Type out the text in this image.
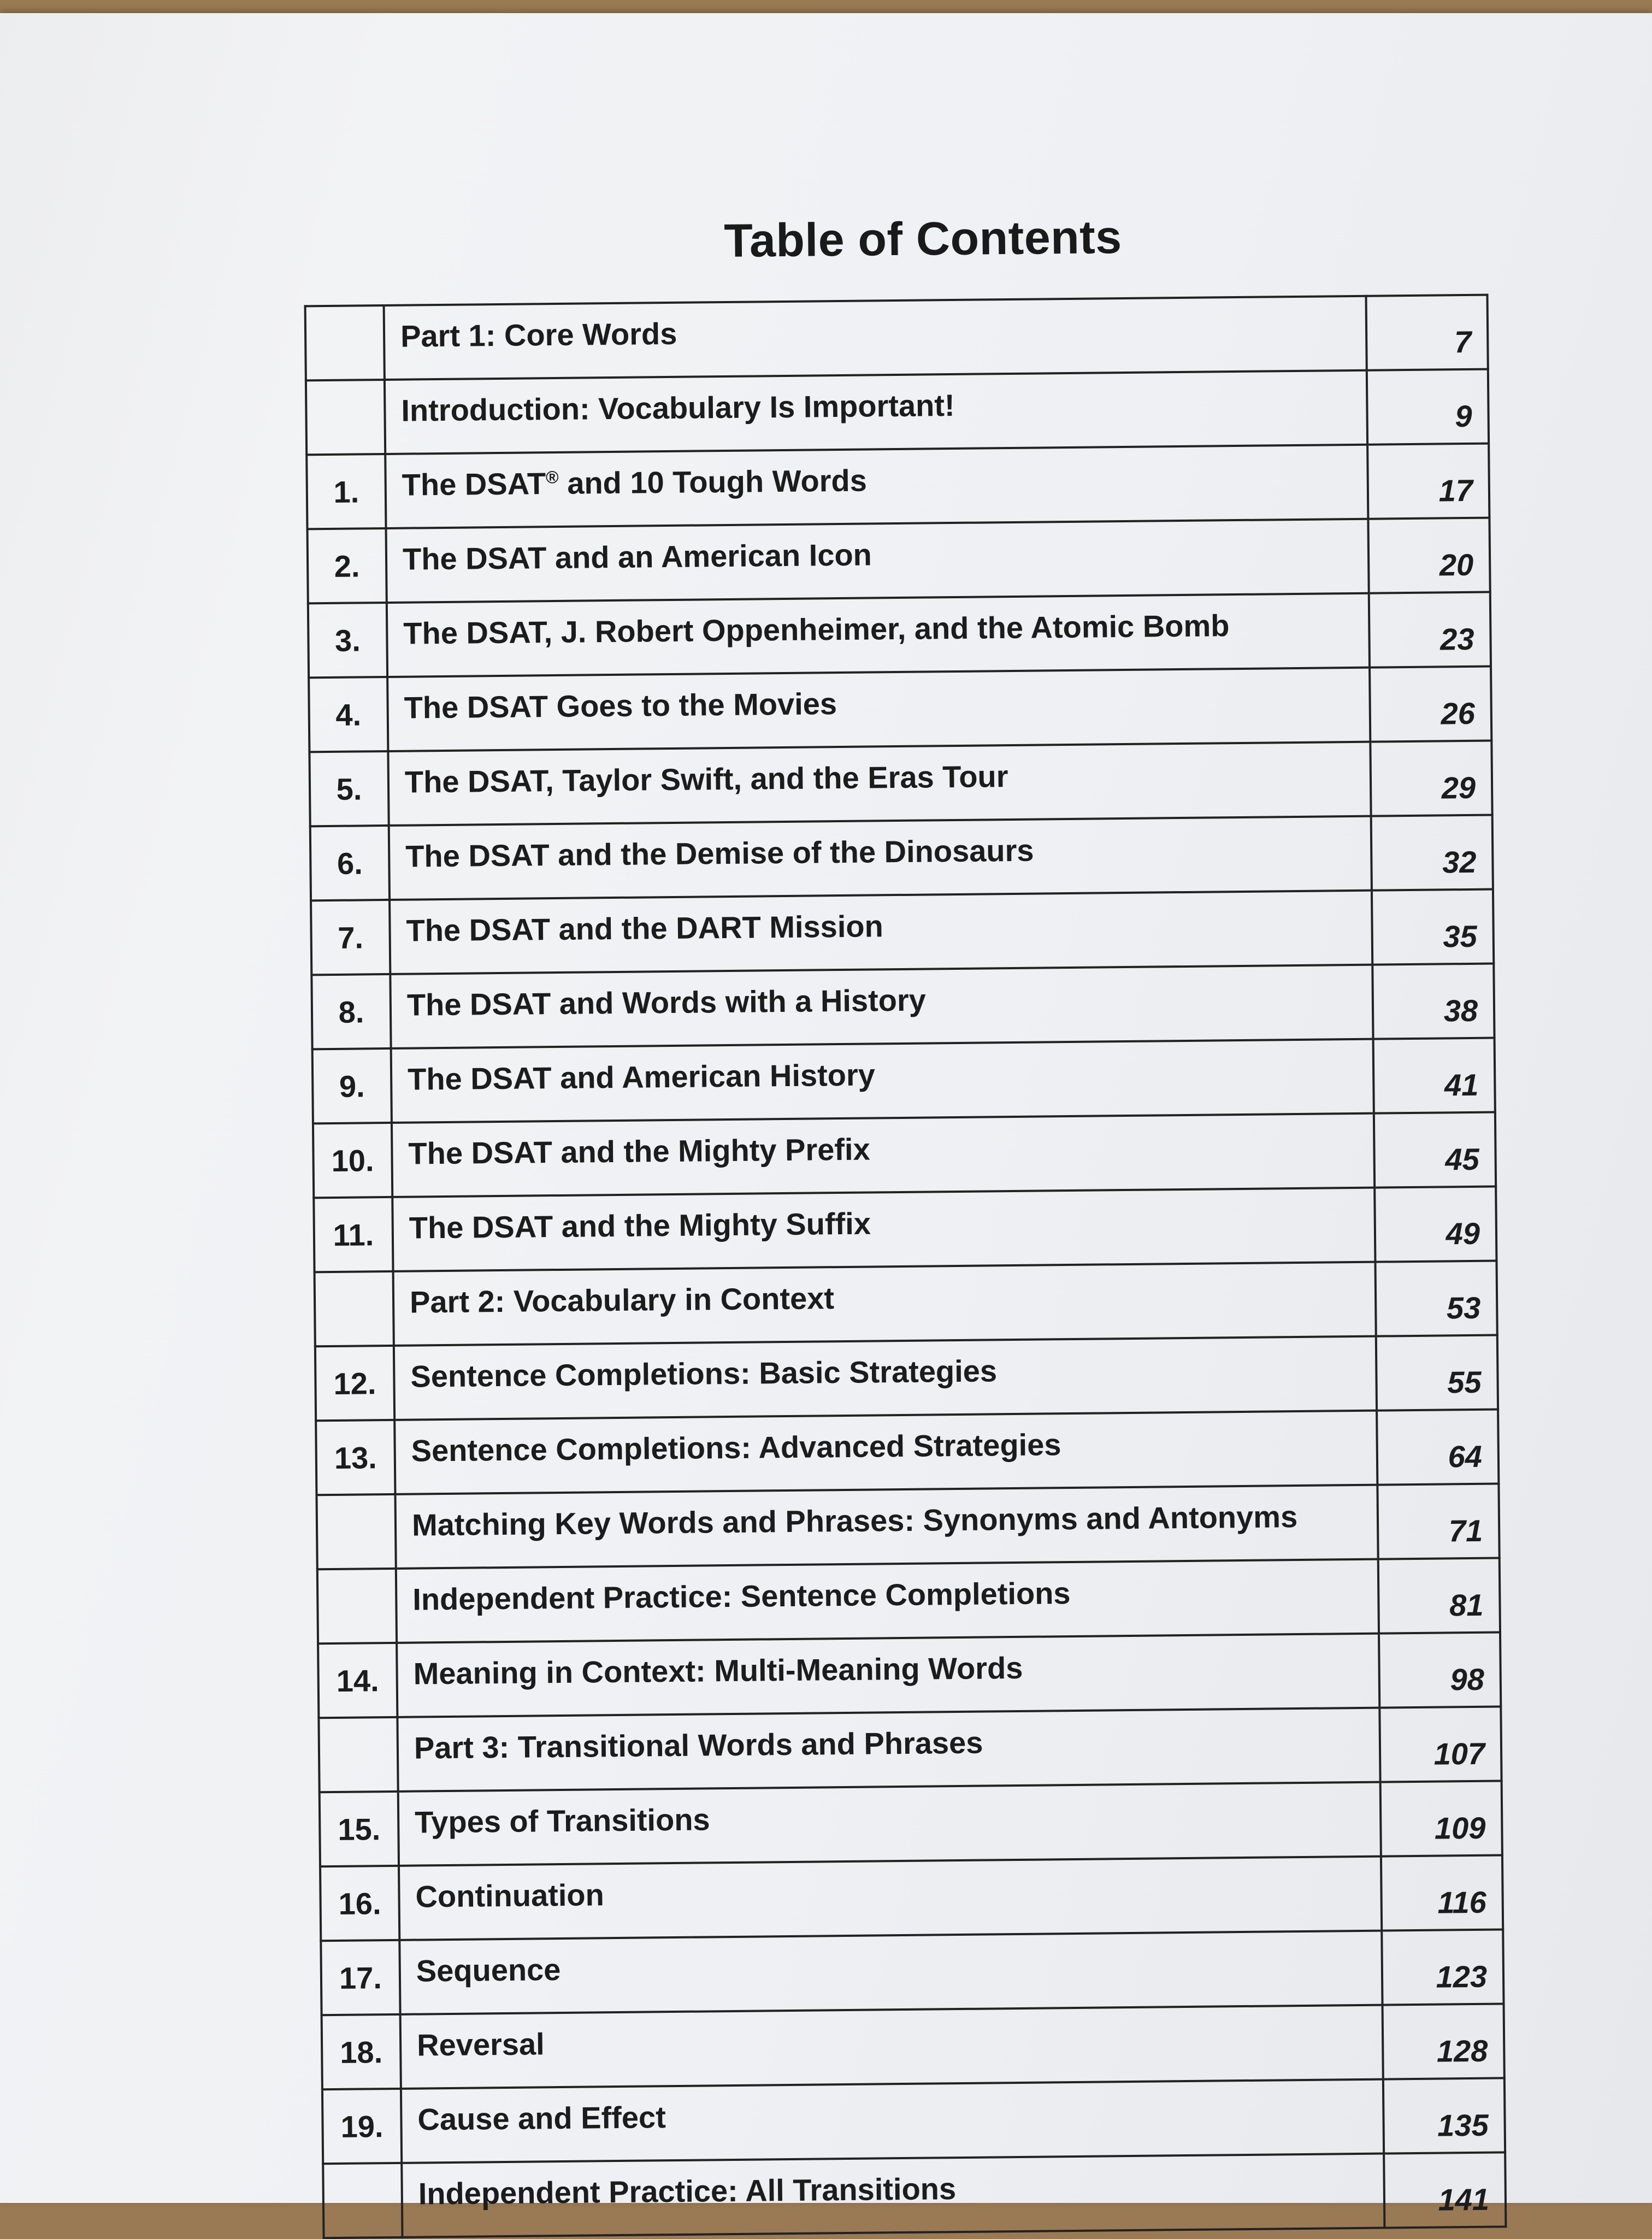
Table of Contents
	Part 1: Core Words	7
	Introduction: Vocabulary Is Important!	9
1.	The DSAT® and 10 Tough Words	17
2.	The DSAT and an American Icon	20
3.	The DSAT, J. Robert Oppenheimer, and the Atomic Bomb	23
4.	The DSAT Goes to the Movies	26
5.	The DSAT, Taylor Swift, and the Eras Tour	29
6.	The DSAT and the Demise of the Dinosaurs	32
7.	The DSAT and the DART Mission	35
8.	The DSAT and Words with a History	38
9.	The DSAT and American History	41
10.	The DSAT and the Mighty Prefix	45
11.	The DSAT and the Mighty Suffix	49
	Part 2: Vocabulary in Context	53
12.	Sentence Completions: Basic Strategies	55
13.	Sentence Completions: Advanced Strategies	64
	Matching Key Words and Phrases: Synonyms and Antonyms	71
	Independent Practice: Sentence Completions	81
14.	Meaning in Context: Multi-Meaning Words	98
	Part 3: Transitional Words and Phrases	107
15.	Types of Transitions	109
16.	Continuation	116
17.	Sequence	123
18.	Reversal	128
19.	Cause and Effect	135
	Independent Practice: All Transitions	141
